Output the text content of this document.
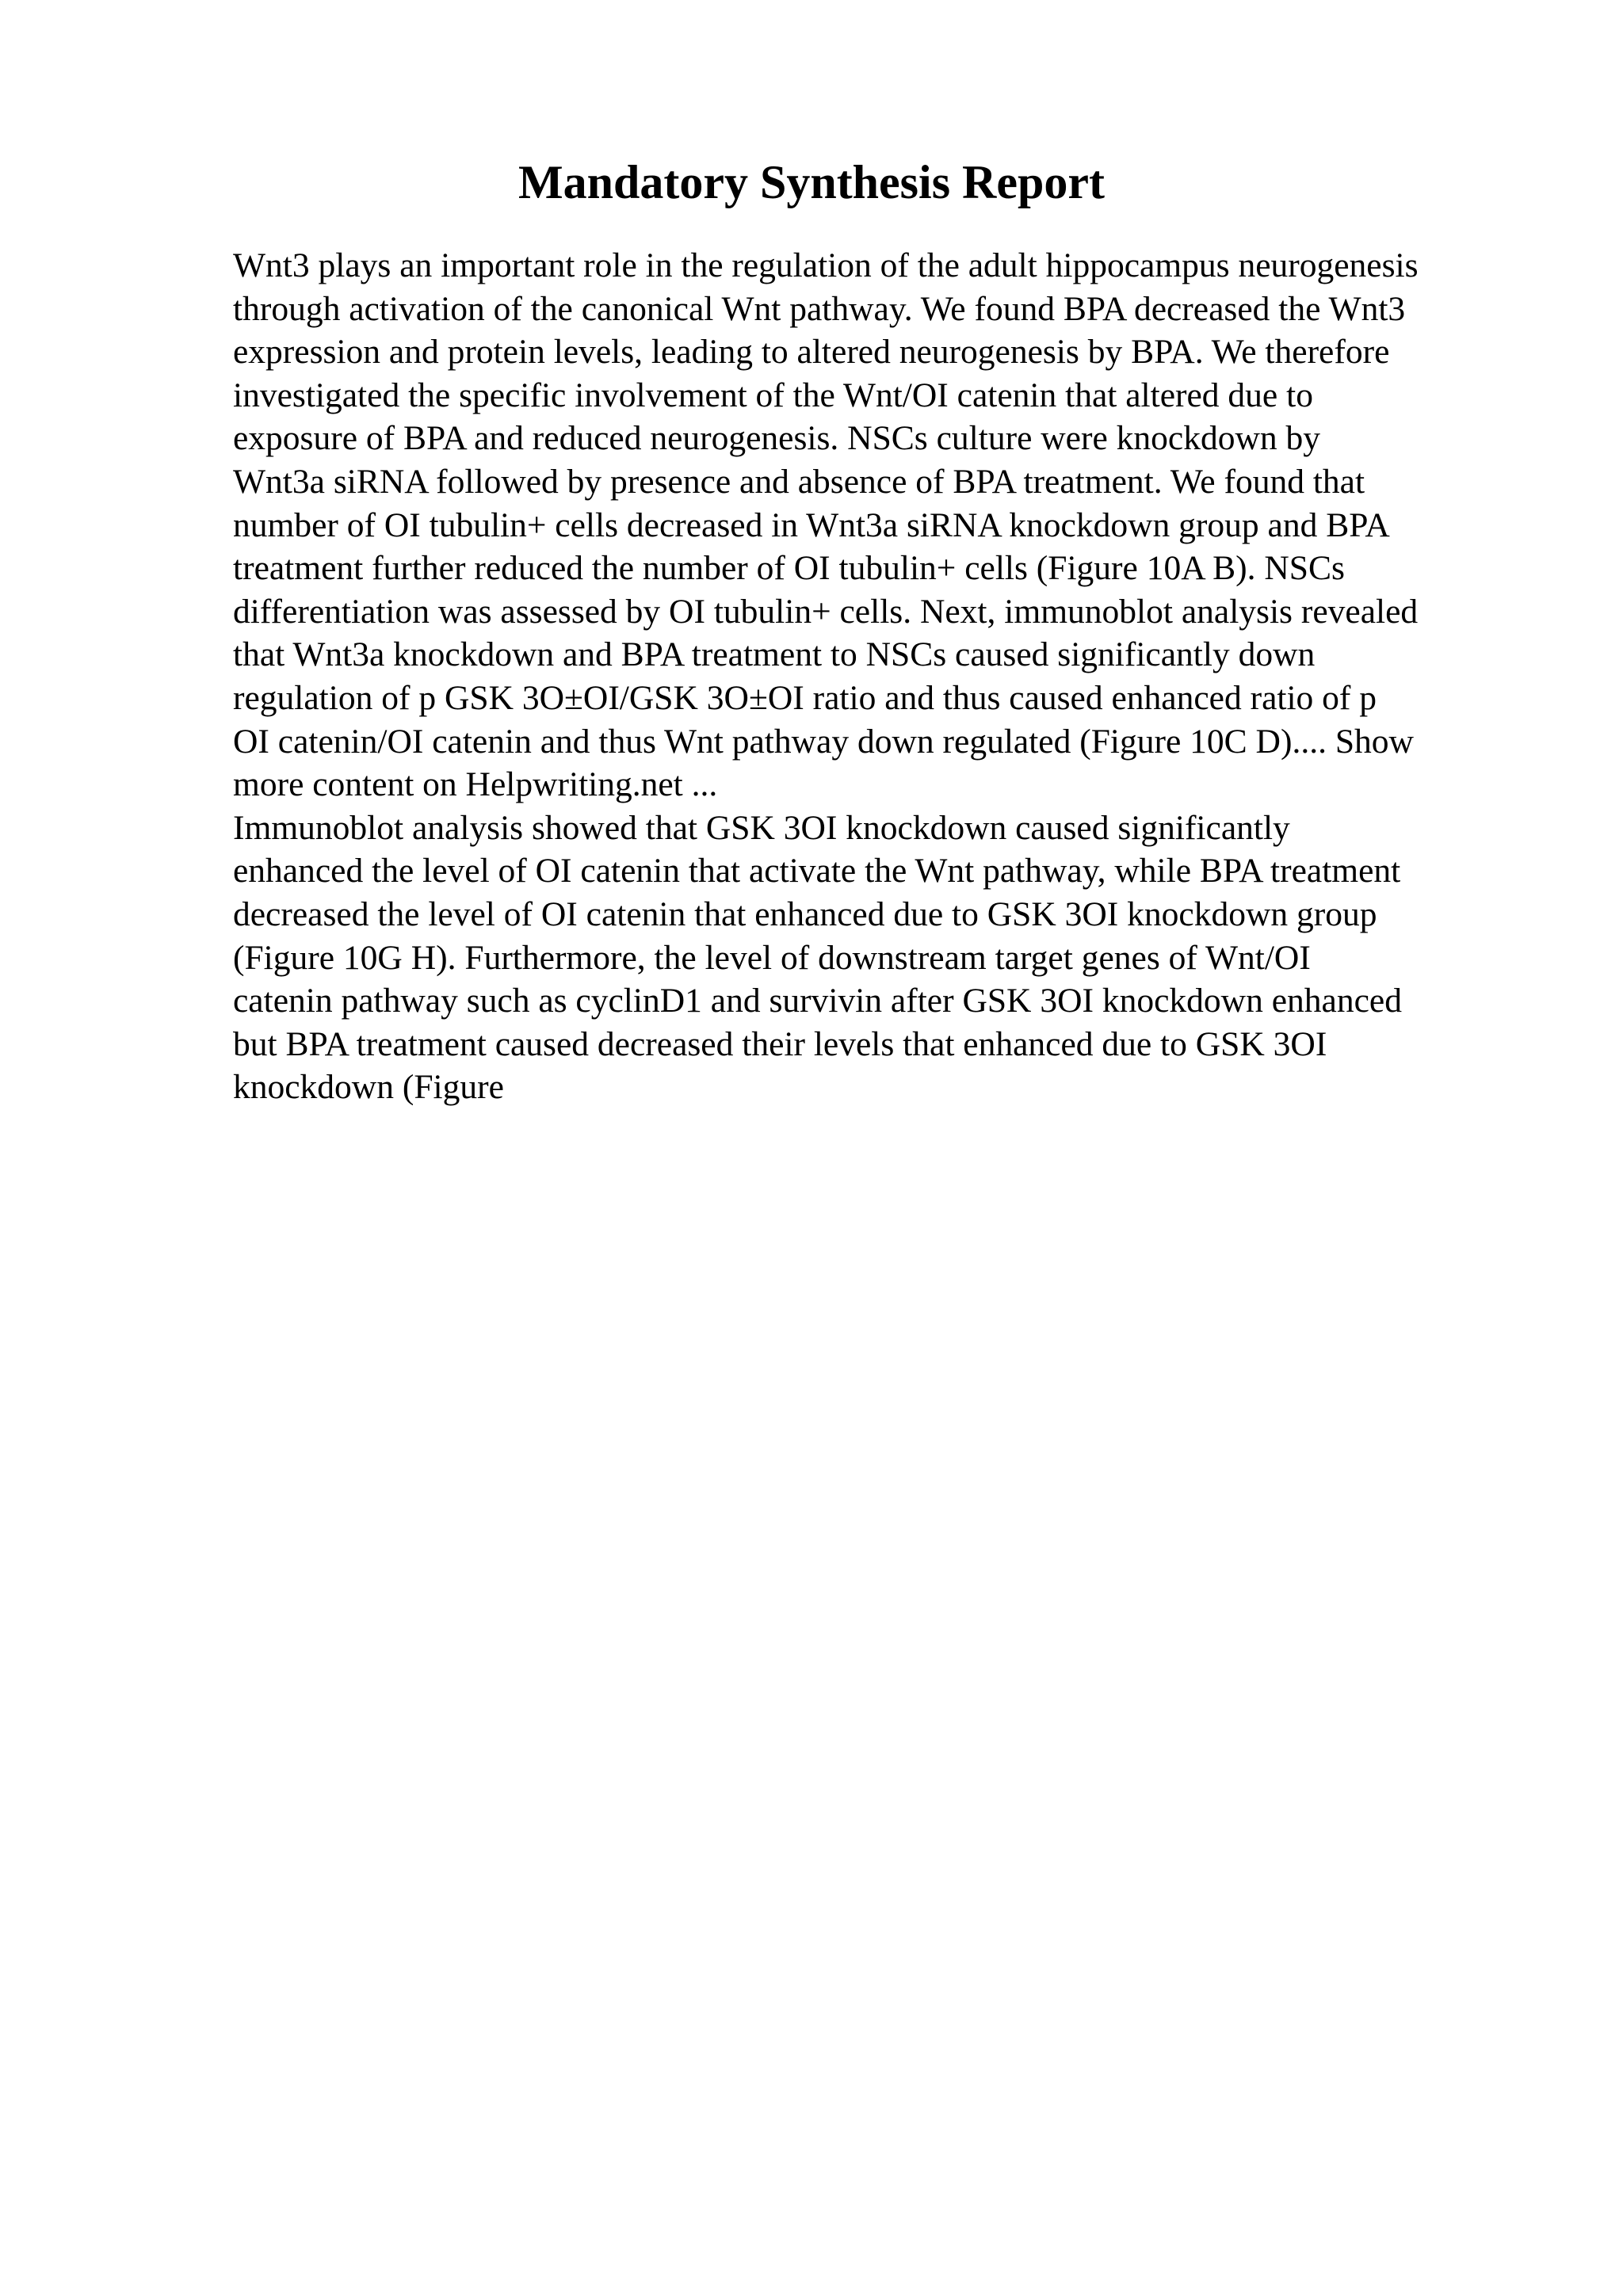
Mandatory Synthesis Report
Wnt3 plays an important role in the regulation of the adult hippocampus neurogenesis
through activation of the canonical Wnt pathway. We found BPA decreased the Wnt3
expression and protein levels, leading to altered neurogenesis by BPA. We therefore
investigated the specific involvement of the Wnt/OI catenin that altered due to
exposure of BPA and reduced neurogenesis. NSCs culture were knockdown by
Wnt3a siRNA followed by presence and absence of BPA treatment. We found that
number of OI tubulin+ cells decreased in Wnt3a siRNA knockdown group and BPA
treatment further reduced the number of OI tubulin+ cells (Figure 10A B). NSCs
differentiation was assessed by OI tubulin+ cells. Next, immunoblot analysis revealed
that Wnt3a knockdown and BPA treatment to NSCs caused significantly down
regulation of p GSK 3O±OI/GSK 3O±OI ratio and thus caused enhanced ratio of p
OI catenin/OI catenin and thus Wnt pathway down regulated (Figure 10C D).... Show
more content on Helpwriting.net ...
Immunoblot analysis showed that GSK 3OI knockdown caused significantly
enhanced the level of OI catenin that activate the Wnt pathway, while BPA treatment
decreased the level of OI catenin that enhanced due to GSK 3OI knockdown group
(Figure 10G H). Furthermore, the level of downstream target genes of Wnt/OI
catenin pathway such as cyclinD1 and survivin after GSK 3OI knockdown enhanced
but BPA treatment caused decreased their levels that enhanced due to GSK 3OI
knockdown (Figure
